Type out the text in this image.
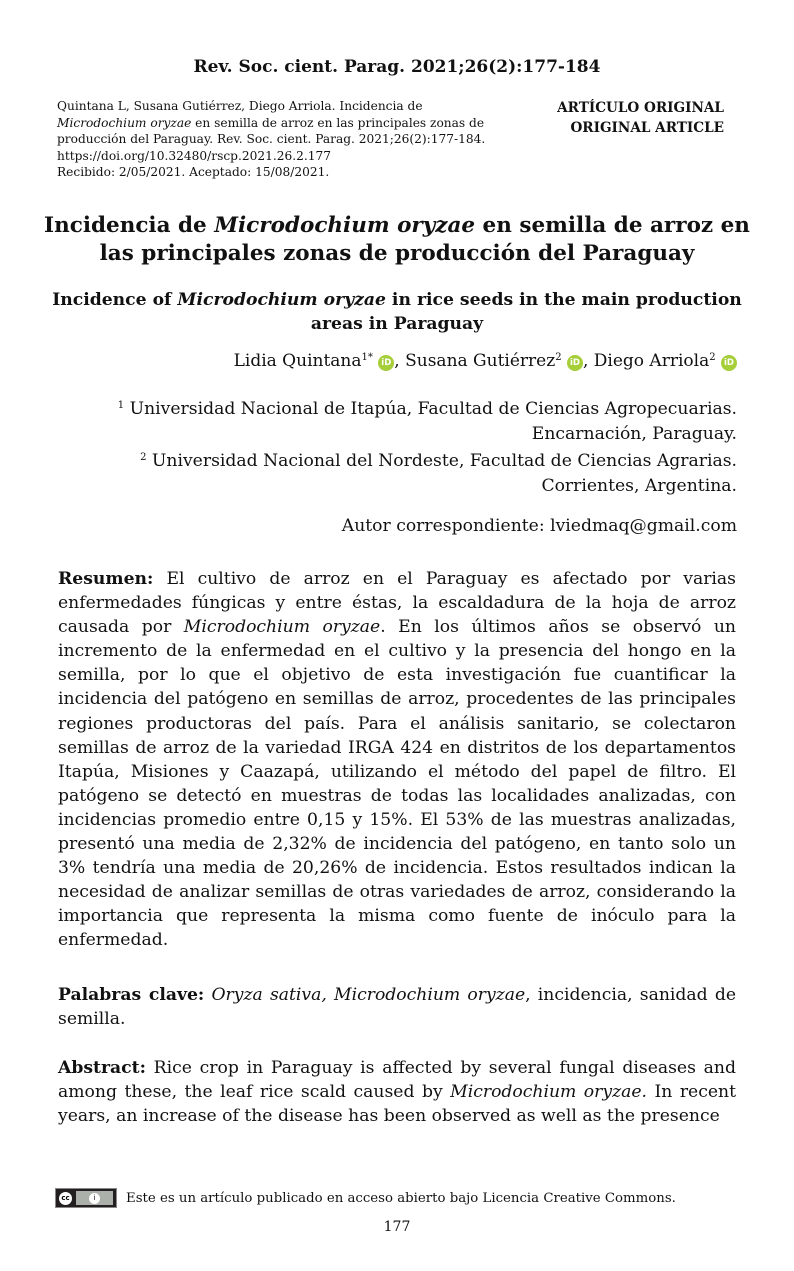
Rev. Soc. cient. Parag. 2021;26(2):177-184
Quintana L, Susana Gutiérrez, Diego Arriola. Incidencia de Microdochium oryzae en semilla de arroz en las principales zonas de producción del Paraguay. Rev. Soc. cient. Parag. 2021;26(2):177-184.
https://doi.org/10.32480/rscp.2021.26.2.177
Recibido: 2/05/2021. Aceptado: 15/08/2021.
ARTÍCULO ORIGINAL
ORIGINAL ARTICLE
Incidencia de Microdochium oryzae en semilla de arroz en las principales zonas de producción del Paraguay
Incidence of Microdochium oryzae in rice seeds in the main production areas in Paraguay
Lidia Quintana$^{1*}$ iD , Susana Gutiérrez$^2$ iD , Diego Arriola$^2$ iD
$^1$ Universidad Nacional de Itapúa, Facultad de Ciencias Agropecuarias.
Encarnación, Paraguay.
$^2$ Universidad Nacional del Nordeste, Facultad de Ciencias Agrarias.
Corrientes, Argentina.
Autor correspondiente: lviedmaq@gmail.com
Resumen: El cultivo de arroz en el Paraguay es afectado por varias enfermedades fúngicas y entre éstas, la escaldadura de la hoja de arroz causada por Microdochium oryzae. En los últimos años se observó un incremento de la enfermedad en el cultivo y la presencia del hongo en la semilla, por lo que el objetivo de esta investigación fue cuantificar la incidencia del patógeno en semillas de arroz, procedentes de las principales regiones productoras del país. Para el análisis sanitario, se colectaron semillas de arroz de la variedad IRGA 424 en distritos de los departamentos Itapúa, Misiones y Caazapá, utilizando el método del papel de filtro. El patógeno se detectó en muestras de todas las localidades analizadas, con incidencias promedio entre 0,15 y 15%. El 53% de las muestras analizadas, presentó una media de 2,32% de incidencia del patógeno, en tanto solo un 3% tendría una media de 20,26% de incidencia. Estos resultados indican la necesidad de analizar semillas de otras variedades de arroz, considerando la importancia que representa la misma como fuente de inóculo para la enfermedad.
Palabras clave: Oryza sativa, Microdochium oryzae, incidencia, sanidad de semilla.
Abstract: Rice crop in Paraguay is affected by several fungal diseases and among these, the leaf rice scald caused by Microdochium oryzae. In recent years, an increase of the disease has been observed as well as the presence
cc	i	Este es un artículo publicado en acceso abierto bajo Licencia Creative Commons.
177
